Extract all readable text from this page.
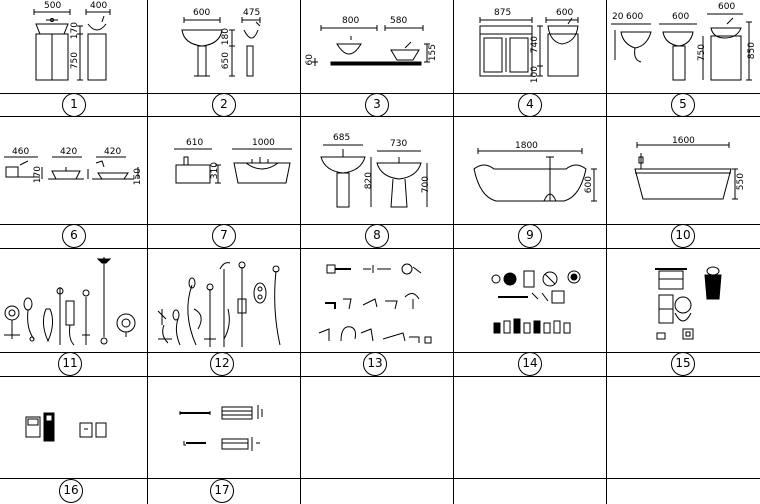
500	400
170
750
600	475
180
650
800	580
60	155
875	600
740
100
20 600	600
600
750	850
460	420	420
170	150
610	1000
310
685
730
820	700
1800
600
1600
550
1	2	3	4	5
6	7	8	9	10
11	12	13	14	15
16	17
